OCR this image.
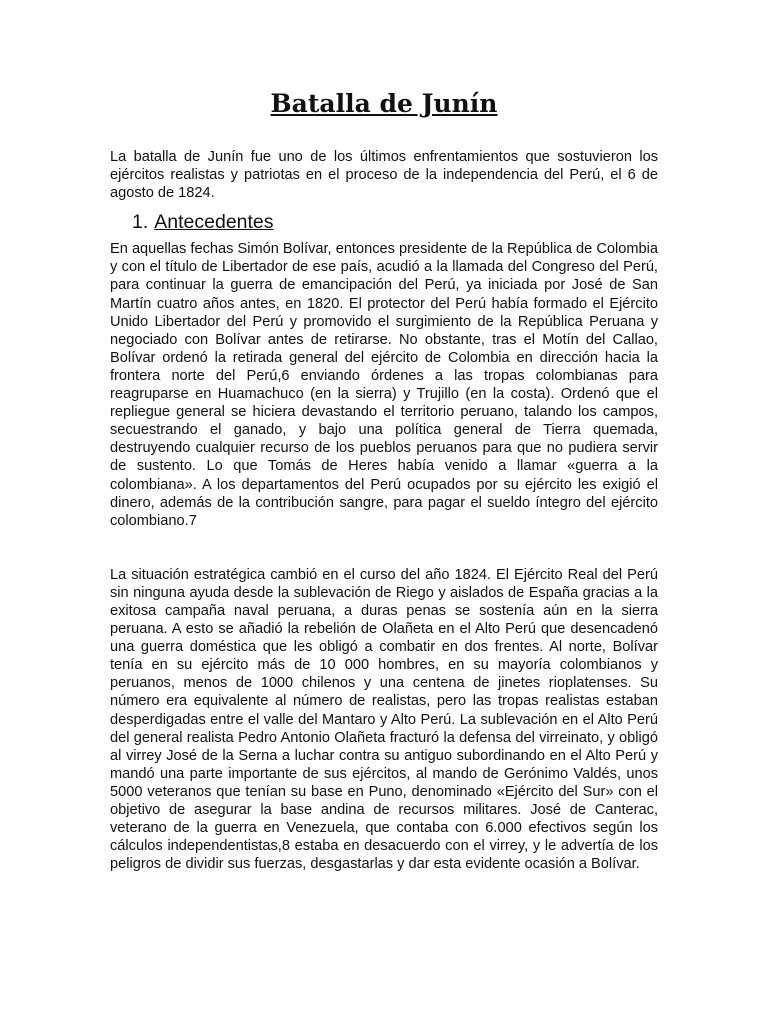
Batalla de Junín

La batalla de Junín fue uno de los últimos enfrentamientos que sostuvieron los ejércitos realistas y patriotas en el proceso de la independencia del Perú, el 6 de agosto de 1824.

1. Antecedentes

En aquellas fechas Simón Bolívar, entonces presidente de la República de Colombia y con el título de Libertador de ese país, acudió a la llamada del Congreso del Perú, para continuar la guerra de emancipación del Perú, ya iniciada por José de San Martín cuatro años antes, en 1820. El protector del Perú había formado el Ejército Unido Libertador del Perú y promovido el surgimiento de la República Peruana y negociado con Bolívar antes de retirarse. No obstante, tras el Motín del Callao, Bolívar ordenó la retirada general del ejército de Colombia en dirección hacia la frontera norte del Perú,6 enviando órdenes a las tropas colombianas para reagruparse en Huamachuco (en la sierra) y Trujillo (en la costa). Ordenó que el repliegue general se hiciera devastando el territorio peruano, talando los campos, secuestrando el ganado, y bajo una política general de Tierra quemada, destruyendo cualquier recurso de los pueblos peruanos para que no pudiera servir de sustento. Lo que Tomás de Heres había venido a llamar «guerra a la colombiana». A los departamentos del Perú ocupados por su ejército les exigió el dinero, además de la contribución sangre, para pagar el sueldo íntegro del ejército colombiano.7

La situación estratégica cambió en el curso del año 1824. El Ejército Real del Perú sin ninguna ayuda desde la sublevación de Riego y aislados de España gracias a la exitosa campaña naval peruana, a duras penas se sostenía aún en la sierra peruana. A esto se añadió la rebelión de Olañeta en el Alto Perú que desencadenó una guerra doméstica que les obligó a combatir en dos frentes. Al norte, Bolívar tenía en su ejército más de 10 000 hombres, en su mayoría colombianos y peruanos, menos de 1000 chilenos y una centena de jinetes rioplatenses. Su número era equivalente al número de realistas, pero las tropas realistas estaban desperdigadas entre el valle del Mantaro y Alto Perú. La sublevación en el Alto Perú del general realista Pedro Antonio Olañeta fracturó la defensa del virreinato, y obligó al virrey José de la Serna a luchar contra su antiguo subordinando en el Alto Perú y mandó una parte importante de sus ejércitos, al mando de Gerónimo Valdés, unos 5000 veteranos que tenían su base en Puno, denominado «Ejército del Sur» con el objetivo de asegurar la base andina de recursos militares. José de Canterac, veterano de la guerra en Venezuela, que contaba con 6.000 efectivos según los cálculos independentistas,8 estaba en desacuerdo con el virrey, y le advertía de los peligros de dividir sus fuerzas, desgastarlas y dar esta evidente ocasión a Bolívar.
